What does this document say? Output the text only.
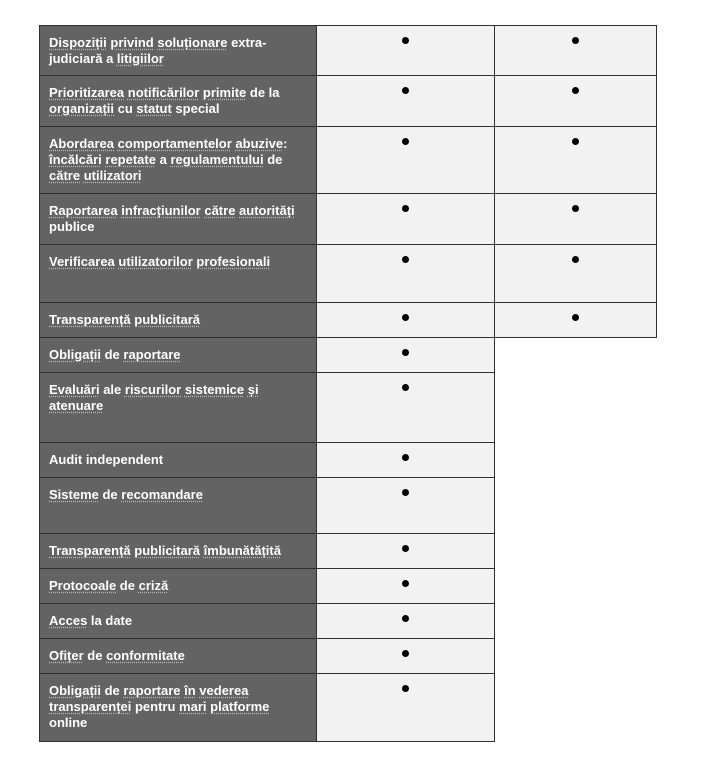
Dispoziții privind soluționare extra-judiciară a litigiilor
Prioritizarea notificărilor primite de la organizații cu statut special
Abordarea comportamentelor abuzive: încălcări repetate a regulamentului de către utilizatori
Raportarea infracțiunilor către autorități publice
Verificarea utilizatorilor profesionali
Transparență publicitară
Obligații de raportare
Evaluări ale riscurilor sistemice și atenuare
Audit independent
Sisteme de recomandare
Transparență publicitară îmbunătățită
Protocoale de criză
Acces la date
Ofițer de conformitate
Obligații de raportare în vederea transparenței pentru mari platforme online
